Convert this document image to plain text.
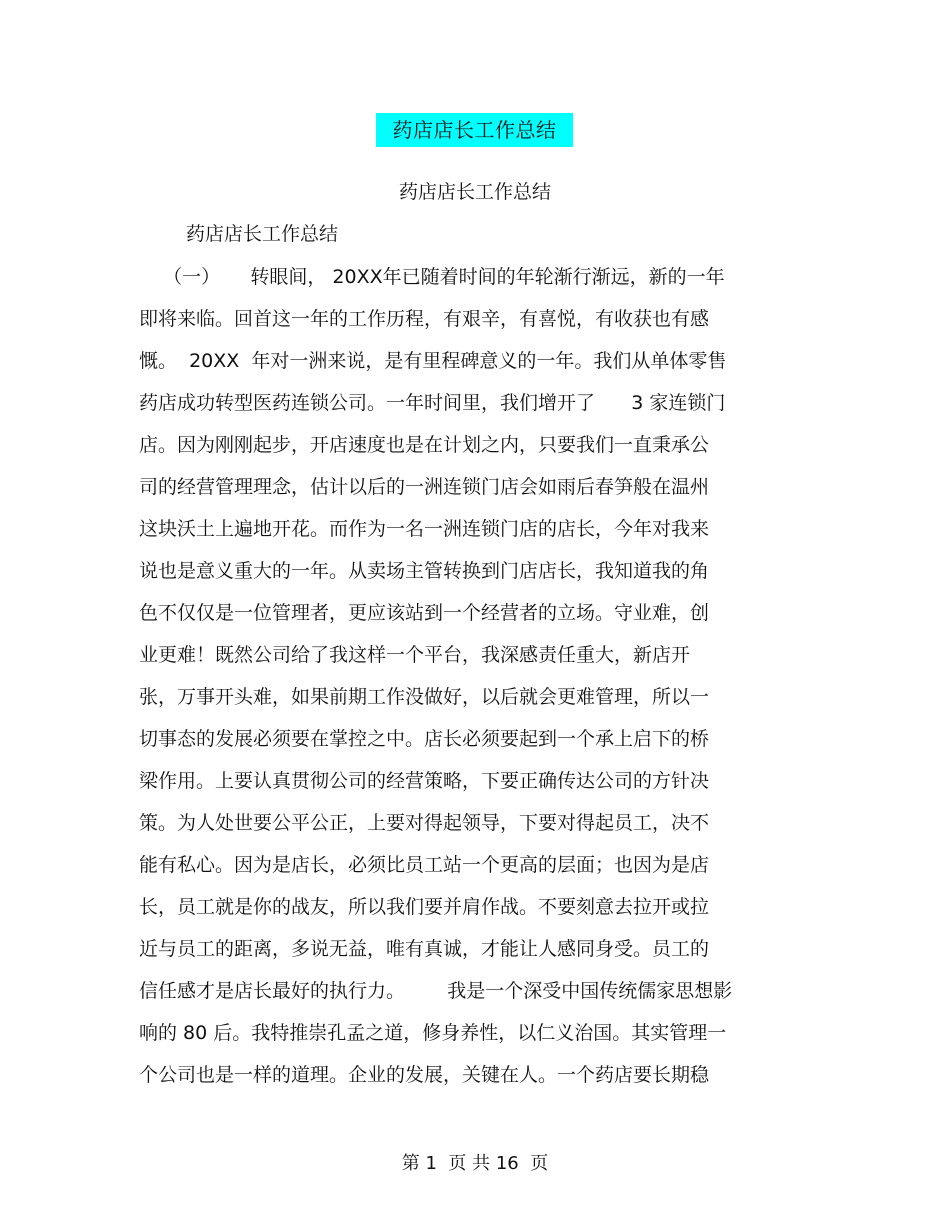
药店店长工作总结
药店店长工作总结
药店店长工作总结
（一）     转眼间， 20XX年已随着时间的年轮渐行渐远，新的一年
即将来临。回首这一年的工作历程，有艰辛，有喜悦，有收获也有感
慨。  20XX  年对一洲来说，是有里程碑意义的一年。我们从单体零售
药店成功转型医药连锁公司。一年时间里，我们增开了      3 家连锁门
店。因为刚刚起步，开店速度也是在计划之内，只要我们一直秉承公
司的经营管理理念，估计以后的一洲连锁门店会如雨后春笋般在温州
这块沃土上遍地开花。而作为一名一洲连锁门店的店长，今年对我来
说也是意义重大的一年。从卖场主管转换到门店店长，我知道我的角
色不仅仅是一位管理者，更应该站到一个经营者的立场。守业难，创
业更难！既然公司给了我这样一个平台，我深感责任重大，新店开
张，万事开头难，如果前期工作没做好，以后就会更难管理，所以一
切事态的发展必须要在掌控之中。店长必须要起到一个承上启下的桥
梁作用。上要认真贯彻公司的经营策略，下要正确传达公司的方针决
策。为人处世要公平公正，上要对得起领导，下要对得起员工，决不
能有私心。因为是店长，必须比员工站一个更高的层面；也因为是店
长，员工就是你的战友，所以我们要并肩作战。不要刻意去拉开或拉
近与员工的距离，多说无益，唯有真诚，才能让人感同身受。员工的
信任感才是店长最好的执行力。       我是一个深受中国传统儒家思想影
响的 80 后。我特推崇孔孟之道，修身养性，以仁义治国。其实管理一
个公司也是一样的道理。企业的发展，关键在人。一个药店要长期稳
第 1  页 共 16  页
